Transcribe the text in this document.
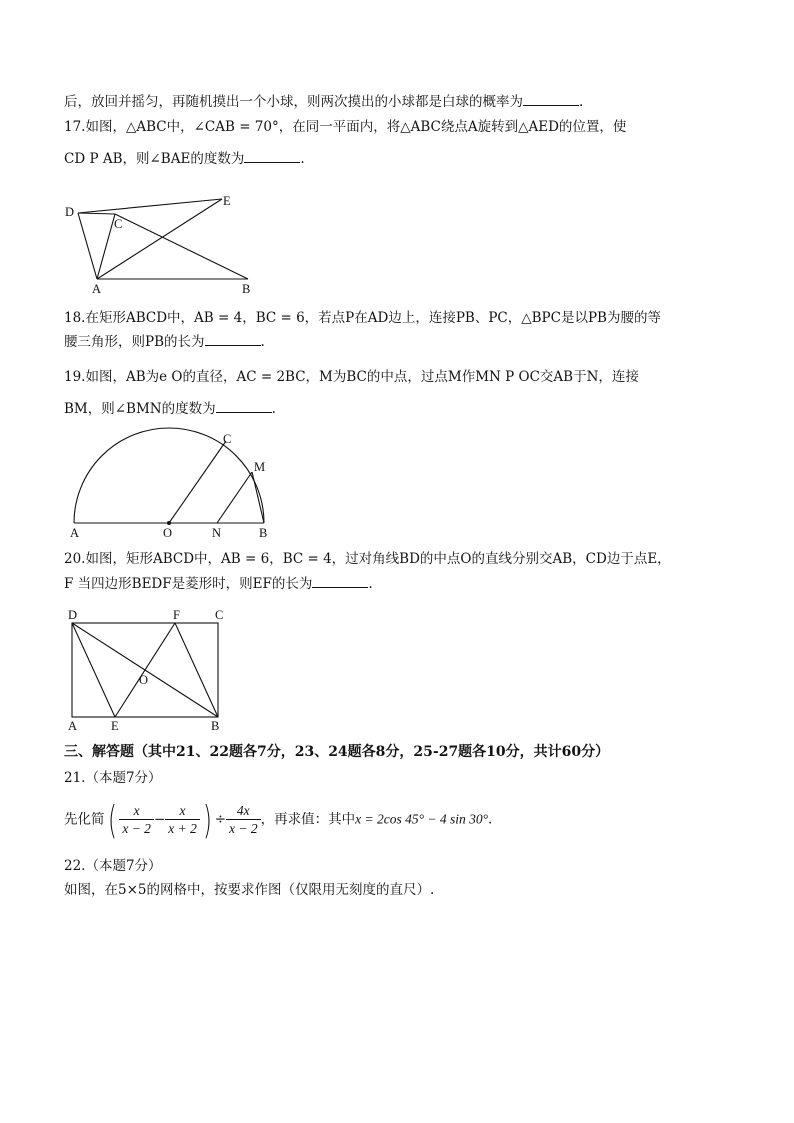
后，放回并摇匀，再随机摸出一个小球，则两次摸出的小球都是白球的概率为	.
17.如图，△ABC中，∠CAB = 70°，在同一平面内，将△ABC绕点A旋转到△AED的位置，使
CD P AB，则∠BAE的度数为	.
D
C
E
A	B
18.在矩形ABCD中，AB = 4，BC = 6，若点P在AD边上，连接PB、PC，△BPC是以PB为腰的等
腰三角形，则PB的长为	.
19.如图，AB为e O的直径，AC = 2BC，M为BC的中点，过点M作MN P OC交AB于N，连接
BM，则∠BMN的度数为	.
A	O	N	B
C
M
20.如图，矩形ABCD中，AB = 6，BC = 4，过对角线BD的中点O的直线分别交AB，CD边于点E，
F 当四边形BEDF是菱形时，则EF的长为	.
D	F	C
O
A	E	B
三、解答题（其中21、22题各7分，23、24题各8分，25-27题各10分，共计60分）
21.（本题7分）
先化简( $\frac{x}{x - 2} - \frac{x}{x + 2}$ ) ÷ $\frac{4x}{x - 2}$ ，再求值：其中x = 2cos 45° − 4 sin 30°.
22.（本题7分）
如图，在5×5的网格中，按要求作图（仅限用无刻度的直尺）.
